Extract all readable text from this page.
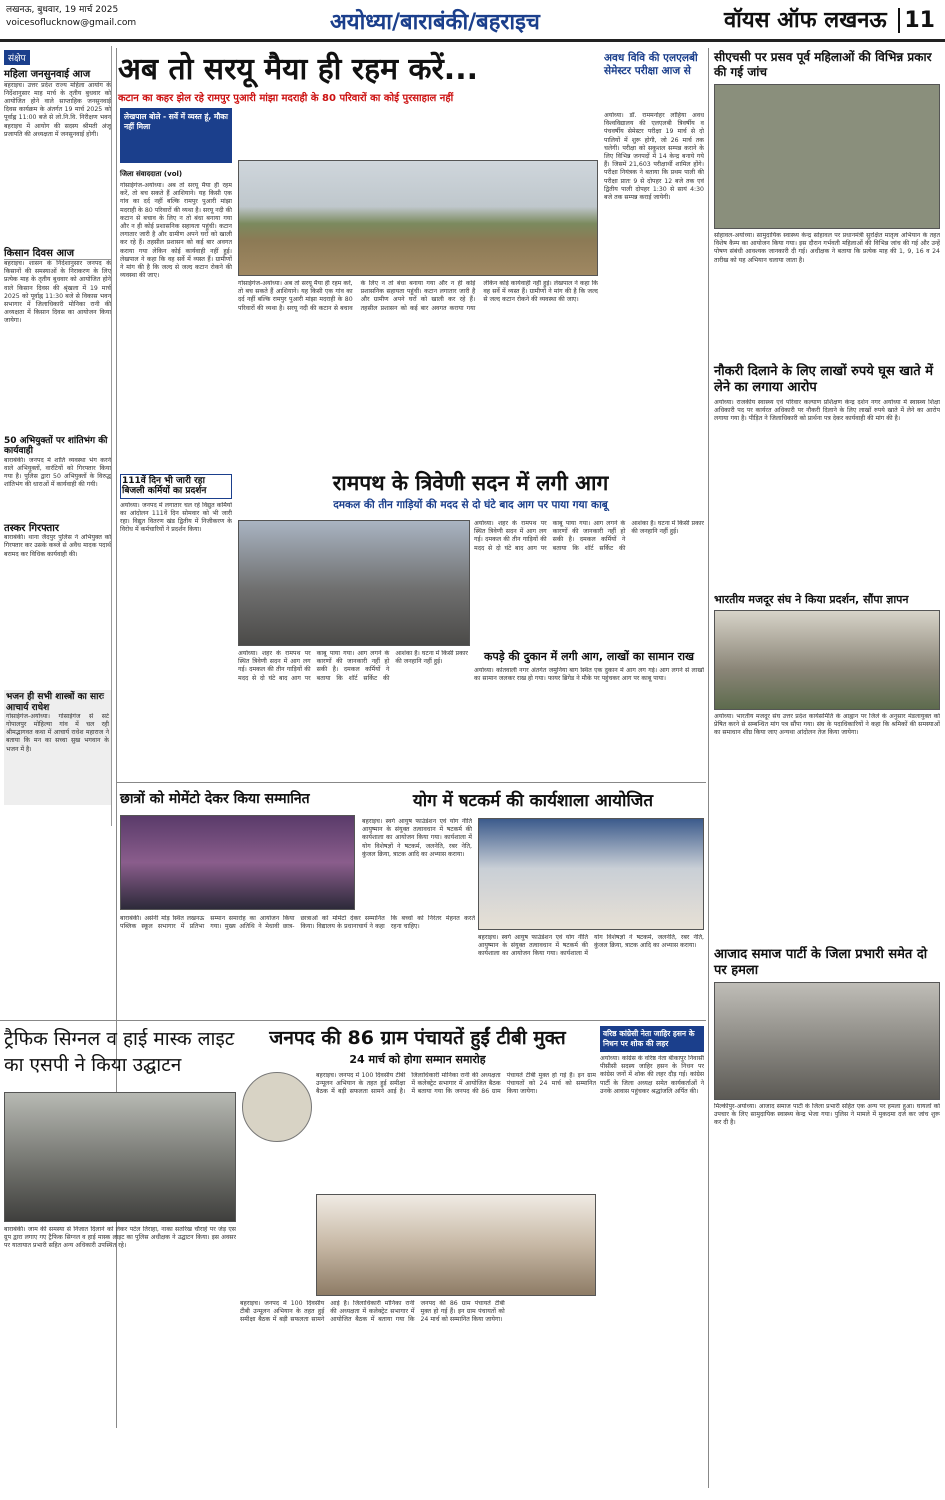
लखनऊ, बुधवार, 19 मार्च 2025
voicesoflucknow@gmail.com	अयोध्या/बाराबंकी/बहराइच	वॉयस ऑफ लखनऊ 11
संक्षेप
महिला जनसुनवाई आज
बहराइच। उत्तर प्रदेश राज्य महिला आयोग के निर्देशानुसार माह मार्च के तृतीय बुधवार को आयोजित होने वाले साप्ताहिक जनसुनवाई दिवस कार्यक्रम के अंतर्गत 19 मार्च 2025 को पूर्वाह्न 11:00 बजे से लो.नि.वि. निरीक्षण भवन बहराइच में आयोग की सदस्य श्रीमती अंजू प्रजापति की अध्यक्षता में जनसुनवाई होगी।
किसान दिवस आज
बहराइच। शासन के निर्देशानुसार जनपद के किसानों की समस्याओं के निराकरण के लिए प्रत्येक माह के तृतीय बुधवार को आयोजित होने वाले किसान दिवस की श्रृंखला में 19 मार्च 2025 को पूर्वाह्न 11:30 बजे से विकास भवन सभागार में जिलाधिकारी मोनिका रानी की अध्यक्षता में किसान दिवस का आयोजन किया जायेगा।
50 अभियुक्तों पर शांतिभंग की कार्यवाही
बाराबंकी। जनपद में शांति व्यवस्था भंग करने वाले अभियुक्तों, वारंटियों को गिरफ्तार किया गया है। पुलिस द्वारा 50 अभियुक्तों के विरुद्ध शांतिभंग की धाराओं में कार्यवाही की गयी।
तस्कर गिरफ्तार
बाराबंकी। थाना जैदपुर पुलिस ने अभियुक्त को गिरफ्तार कर उसके कब्जे से अवैध मादक पदार्थ बरामद कर विधिक कार्यवाही की।
भजन ही सभी शास्त्रों का सारः आचार्य राधेश
गोसाईगंज-अयोध्या। गोसाईगंज से सटे गोपालपुर मोहिल्या गांव में चल रही श्रीमद्भागवत कथा में आचार्य राधेश महाराज ने बताया कि मन का सच्चा सुख भगवान के भजन में है।
अब तो सरयू मैया ही रहम करें...
कटान का कहर झेल रहे रामपुर पुआरी मांझा मदराही के 80 परिवारों का कोई पुरसाहाल नहीं
लेखपाल बोले - सर्वे में व्यस्त हूं, मौका नहीं मिला
जिला संवाददाता (vol)
गोसाईगंज-अयोध्या। अब तो सरयू मैया ही रहम करें, तो बच सकते हैं आशियाने। यह किसी एक गांव का दर्द नहीं बल्कि रामपुर पुआरी मांझा मदराही के 80 परिवारों की व्यथा है। सरयू नदी की कटान से बचाव के लिए न तो बंधा बनाया गया और न ही कोई प्रशासनिक सहायता पहुंची। कटान लगातार जारी है और ग्रामीण अपने घरों को खाली कर रहे हैं। तहसील प्रशासन को कई बार अवगत कराया गया लेकिन कोई कार्यवाही नहीं हुई। लेखपाल ने कहा कि वह सर्वे में व्यस्त हैं। ग्रामीणों ने मांग की है कि जल्द से जल्द कटान रोकने की व्यवस्था की जाए।
गोसाईगंज-अयोध्या। अब तो सरयू मैया ही रहम करें, तो बच सकते हैं आशियाने। यह किसी एक गांव का दर्द नहीं बल्कि रामपुर पुआरी मांझा मदराही के 80 परिवारों की व्यथा है। सरयू नदी की कटान से बचाव के लिए न तो बंधा बनाया गया और न ही कोई प्रशासनिक सहायता पहुंची। कटान लगातार जारी है और ग्रामीण अपने घरों को खाली कर रहे हैं। तहसील प्रशासन को कई बार अवगत कराया गया लेकिन कोई कार्यवाही नहीं हुई। लेखपाल ने कहा कि वह सर्वे में व्यस्त हैं। ग्रामीणों ने मांग की है कि जल्द से जल्द कटान रोकने की व्यवस्था की जाए।
अवध विवि की एलएलबी सेमेस्टर परीक्षा आज से
अयोध्या। डॉ. राममनोहर लोहिया अवध विश्वविद्यालय की एलएलबी त्रिवर्षीय व पंचवर्षीय सेमेस्टर परीक्षा 19 मार्च से दो पालियों में शुरू होगी, जो 26 मार्च तक चलेगी। परीक्षा को सकुशल सम्पन्न कराने के लिए विभिन्न जनपदों में 14 केन्द्र बनाये गये हैं। जिसमें 21,603 परीक्षार्थी शामिल होंगे। परीक्षा नियंत्रक ने बताया कि प्रथम पाली की परीक्षा प्रातः 9 से दोपहर 12 बजे तक एवं द्वितीय पाली दोपहर 1:30 से सायं 4:30 बजे तक सम्पन्न कराई जायेगी।
सीएचसी पर प्रसव पूर्व महिलाओं की विभिन्न प्रकार की गई जांच
सोहावल-अयोध्या। सामुदायिक स्वास्थ्य केन्द्र सोहावल पर प्रधानमंत्री सुरक्षित मातृत्व अभियान के तहत विशेष कैम्प का आयोजन किया गया। इस दौरान गर्भवती महिलाओं की विभिन्न जांच की गई और उन्हें पोषण संबंधी आवश्यक जानकारी दी गई। अधीक्षक ने बताया कि प्रत्येक माह की 1, 9, 16 व 24 तारीख को यह अभियान चलाया जाता है।
नौकरी दिलाने के लिए लाखों रुपये घूस खाते में लेने का लगाया आरोप
अयोध्या। राजकीय स्वास्थ्य एवं परिवार कल्याण प्रशिक्षण केन्द्र दर्शन नगर अयोध्या में स्वास्थ्य शिक्षा अधिकारी पद पर कार्यरत अधिकारी पर नौकरी दिलाने के लिए लाखों रुपये खाते में लेने का आरोप लगाया गया है। पीड़ित ने जिलाधिकारी को प्रार्थना पत्र देकर कार्यवाही की मांग की है।
भारतीय मजदूर संघ ने किया प्रदर्शन, सौंपा ज्ञापन
अयोध्या। भारतीय मजदूर संघ उत्तर प्रदेश कार्यसमिति के आह्वान पर जिले के अनुसार मंडलायुक्त को प्रेषित करने से सम्बन्धित मांग पत्र सौंपा गया। संघ के पदाधिकारियों ने कहा कि श्रमिकों की समस्याओं का समाधान शीघ्र किया जाए अन्यथा आंदोलन तेज किया जायेगा।
आजाद समाज पार्टी के जिला प्रभारी समेत दो पर हमला
मिल्कीपुर-अयोध्या। आजाद समाज पार्टी के जिला प्रभारी सहित एक अन्य पर हमला हुआ। घायलों को उपचार के लिए सामुदायिक स्वास्थ्य केन्द्र भेजा गया। पुलिस ने मामले में मुकदमा दर्ज कर जांच शुरू कर दी है।
रामपथ के त्रिवेणी सदन में लगी आग
दमकल की तीन गाड़ियों की मदद से दो घंटे बाद आग पर पाया गया काबू
अयोध्या। शहर के रामपथ पर स्थित त्रिवेणी सदन में आग लग गई। दमकल की तीन गाड़ियों की मदद से दो घंटे बाद आग पर काबू पाया गया। आग लगने के कारणों की जानकारी नहीं हो सकी है। दमकल कर्मियों ने बताया कि शॉर्ट सर्किट की आशंका है। घटना में किसी प्रकार की जनहानि नहीं हुई।
अयोध्या। शहर के रामपथ पर स्थित त्रिवेणी सदन में आग लग गई। दमकल की तीन गाड़ियों की मदद से दो घंटे बाद आग पर काबू पाया गया। आग लगने के कारणों की जानकारी नहीं हो सकी है। दमकल कर्मियों ने बताया कि शॉर्ट सर्किट की आशंका है। घटना में किसी प्रकार की जनहानि नहीं हुई।	कपड़े की दुकान में लगी आग, लाखों का सामान राख
अयोध्या। कोतवाली नगर अंतर्गत जमुनिया बाग स्थित एक दुकान में आग लग गई। आग लगने से लाखों का सामान जलकर राख हो गया। फायर ब्रिगेड ने मौके पर पहुंचकर आग पर काबू पाया।
111वें दिन भी जारी रहा बिजली कर्मियों का प्रदर्शन
अयोध्या। जनपद में लगातार चल रहे विद्युत कर्मियों का आंदोलन 111वें दिन सोमवार को भी जारी रहा। विद्युत वितरण खंड द्वितीय में निजीकरण के विरोध में कर्मचारियों ने प्रदर्शन किया।
छात्रों को मोमेंटो देकर किया सम्मानित
बाराबंकी। असेनी मोड़ स्थित लखनऊ पब्लिक स्कूल सभागार में प्रतिभा सम्मान समारोह का आयोजन किया गया। मुख्य अतिथि ने मेधावी छात्र-छात्राओं को मोमेंटो देकर सम्मानित किया। विद्यालय के प्रधानाचार्य ने कहा कि बच्चों को निरंतर मेहनत करते रहना चाहिए।
योग में षटकर्म की कार्यशाला आयोजित
बहराइच। स्वर्ग आयुष फाउंडेशन एवं योग नीति आयुष्मान के संयुक्त तत्वावधान में षटकर्म की कार्यशाला का आयोजन किया गया। कार्यशाला में योग विशेषज्ञों ने षटकर्म, जलनेति, रबर नेति, कुंजल क्रिया, त्राटक आदि का अभ्यास कराया।
बहराइच। स्वर्ग आयुष फाउंडेशन एवं योग नीति आयुष्मान के संयुक्त तत्वावधान में षटकर्म की कार्यशाला का आयोजन किया गया। कार्यशाला में योग विशेषज्ञों ने षटकर्म, जलनेति, रबर नेति, कुंजल क्रिया, त्राटक आदि का अभ्यास कराया।
ट्रैफिक सिग्नल व हाई मास्क लाइट का एसपी ने किया उद्घाटन
बाराबंकी। जाम की समस्या से निजात दिलाने को लेकर पटेल तिराहा, नाका सतरिख चौराहे पर जेड़ एस ग्रुप द्वारा लगाए गए ट्रैफिक सिग्नल व हाई मास्क लाइट का पुलिस अधीक्षक ने उद्घाटन किया। इस अवसर पर यातायात प्रभारी सहित अन्य अधिकारी उपस्थित रहे।
जनपद की 86 ग्राम पंचायतें हुईं टीबी मुक्त
24 मार्च को होगा सम्मान समारोह
बहराइच। जनपद में 100 दिवसीय टीबी उन्मूलन अभियान के तहत हुई समीक्षा बैठक में बड़ी सफलता सामने आई है। जिलाधिकारी मोनिका रानी की अध्यक्षता में कलेक्ट्रेट सभागार में आयोजित बैठक में बताया गया कि जनपद की 86 ग्राम पंचायतें टीबी मुक्त हो गई हैं। इन ग्राम पंचायतों को 24 मार्च को सम्मानित किया जायेगा।
बहराइच। जनपद में 100 दिवसीय टीबी उन्मूलन अभियान के तहत हुई समीक्षा बैठक में बड़ी सफलता सामने आई है। जिलाधिकारी मोनिका रानी की अध्यक्षता में कलेक्ट्रेट सभागार में आयोजित बैठक में बताया गया कि जनपद की 86 ग्राम पंचायतें टीबी मुक्त हो गई हैं। इन ग्राम पंचायतों को 24 मार्च को सम्मानित किया जायेगा।
वरिष्ठ कांग्रेसी नेता जाहिर हसन के निधन पर शोक की लहर
अयोध्या। कांग्रेस के वरिष्ठ नेता बीकापुर निवासी पीसीसी सदस्य जाहिर हसन के निधन पर कांग्रेस जनों में शोक की लहर दौड़ गई। कांग्रेस पार्टी के जिला अध्यक्ष समेत कार्यकर्ताओं ने उनके आवास पहुंचकर श्रद्धांजलि अर्पित की।
